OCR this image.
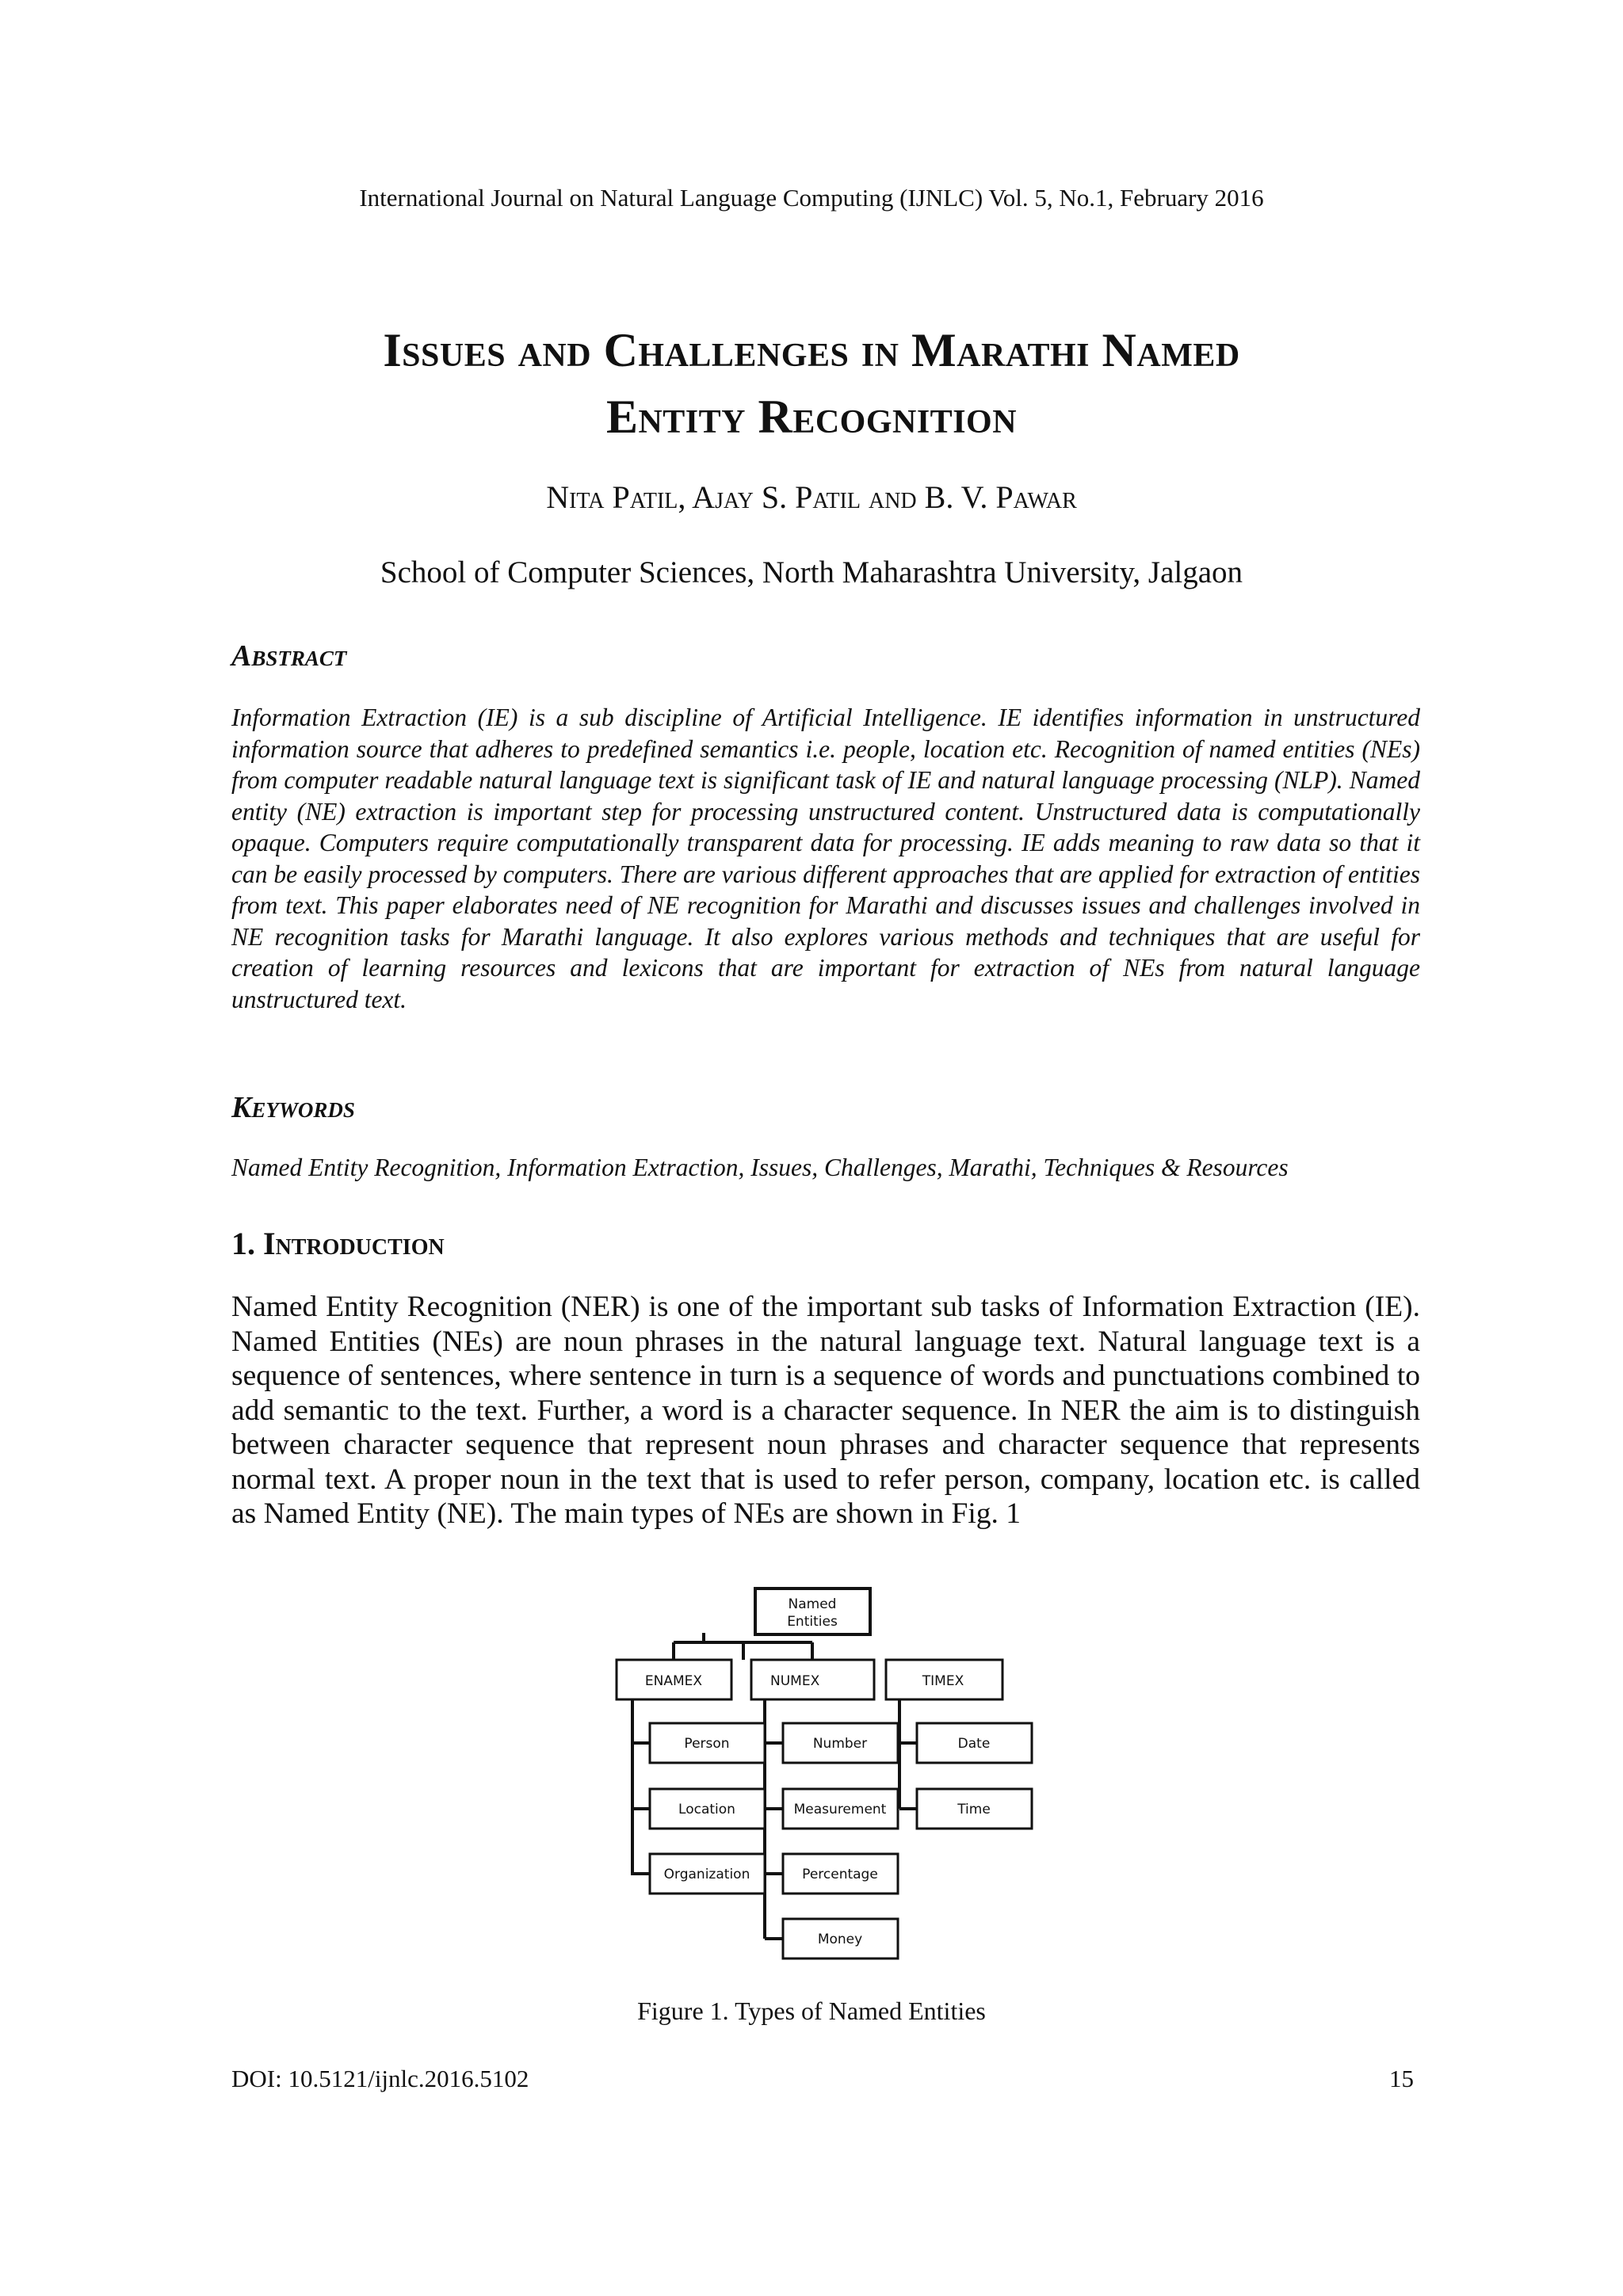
International Journal on Natural Language Computing (IJNLC) Vol. 5, No.1, February 2016
Issues and Challenges in Marathi Named
Entity Recognition
Nita Patil, Ajay S. Patil and B. V. Pawar
School of Computer Sciences, North Maharashtra University, Jalgaon
Abstract

Information Extraction (IE) is a sub discipline of Artificial Intelligence. IE identifies information in unstructured information source that adheres to predefined semantics i.e. people, location etc. Recognition of named entities (NEs) from computer readable natural language text is significant task of IE and natural language processing (NLP). Named entity (NE) extraction is important step for processing unstructured content. Unstructured data is computationally opaque. Computers require computationally transparent data for processing. IE adds meaning to raw data so that it can be easily processed by computers. There are various different approaches that are applied for extraction of entities from text. This paper elaborates need of NE recognition for Marathi and discusses issues and challenges involved in NE recognition tasks for Marathi language. It also explores various methods and techniques that are useful for creation of learning resources and lexicons that are important for extraction of NEs from natural language unstructured text.

Keywords
Named Entity Recognition, Information Extraction, Issues, Challenges, Marathi, Techniques & Resources
1. Introduction

Named Entity Recognition (NER) is one of the important sub tasks of Information Extraction (IE). Named Entities (NEs) are noun phrases in the natural language text. Natural language text is a sequence of sentences, where sentence in turn is a sequence of words and punctuations combined to add semantic to the text. Further, a word is a character sequence. In NER the aim is to distinguish between character sequence that represent noun phrases and character sequence that represents normal text. A proper noun in the text that is used to refer person, company, location etc. is called as Named Entity (NE). The main types of NEs are shown in Fig. 1

Named
Entities
ENAMEX	NUMEX	TIMEX
Person
Location
Organization
Number
Measurement
Percentage
Money
Date
Time
Figure 1. Types of Named Entities
DOI: 10.5121/ijnlc.2016.5102	15
